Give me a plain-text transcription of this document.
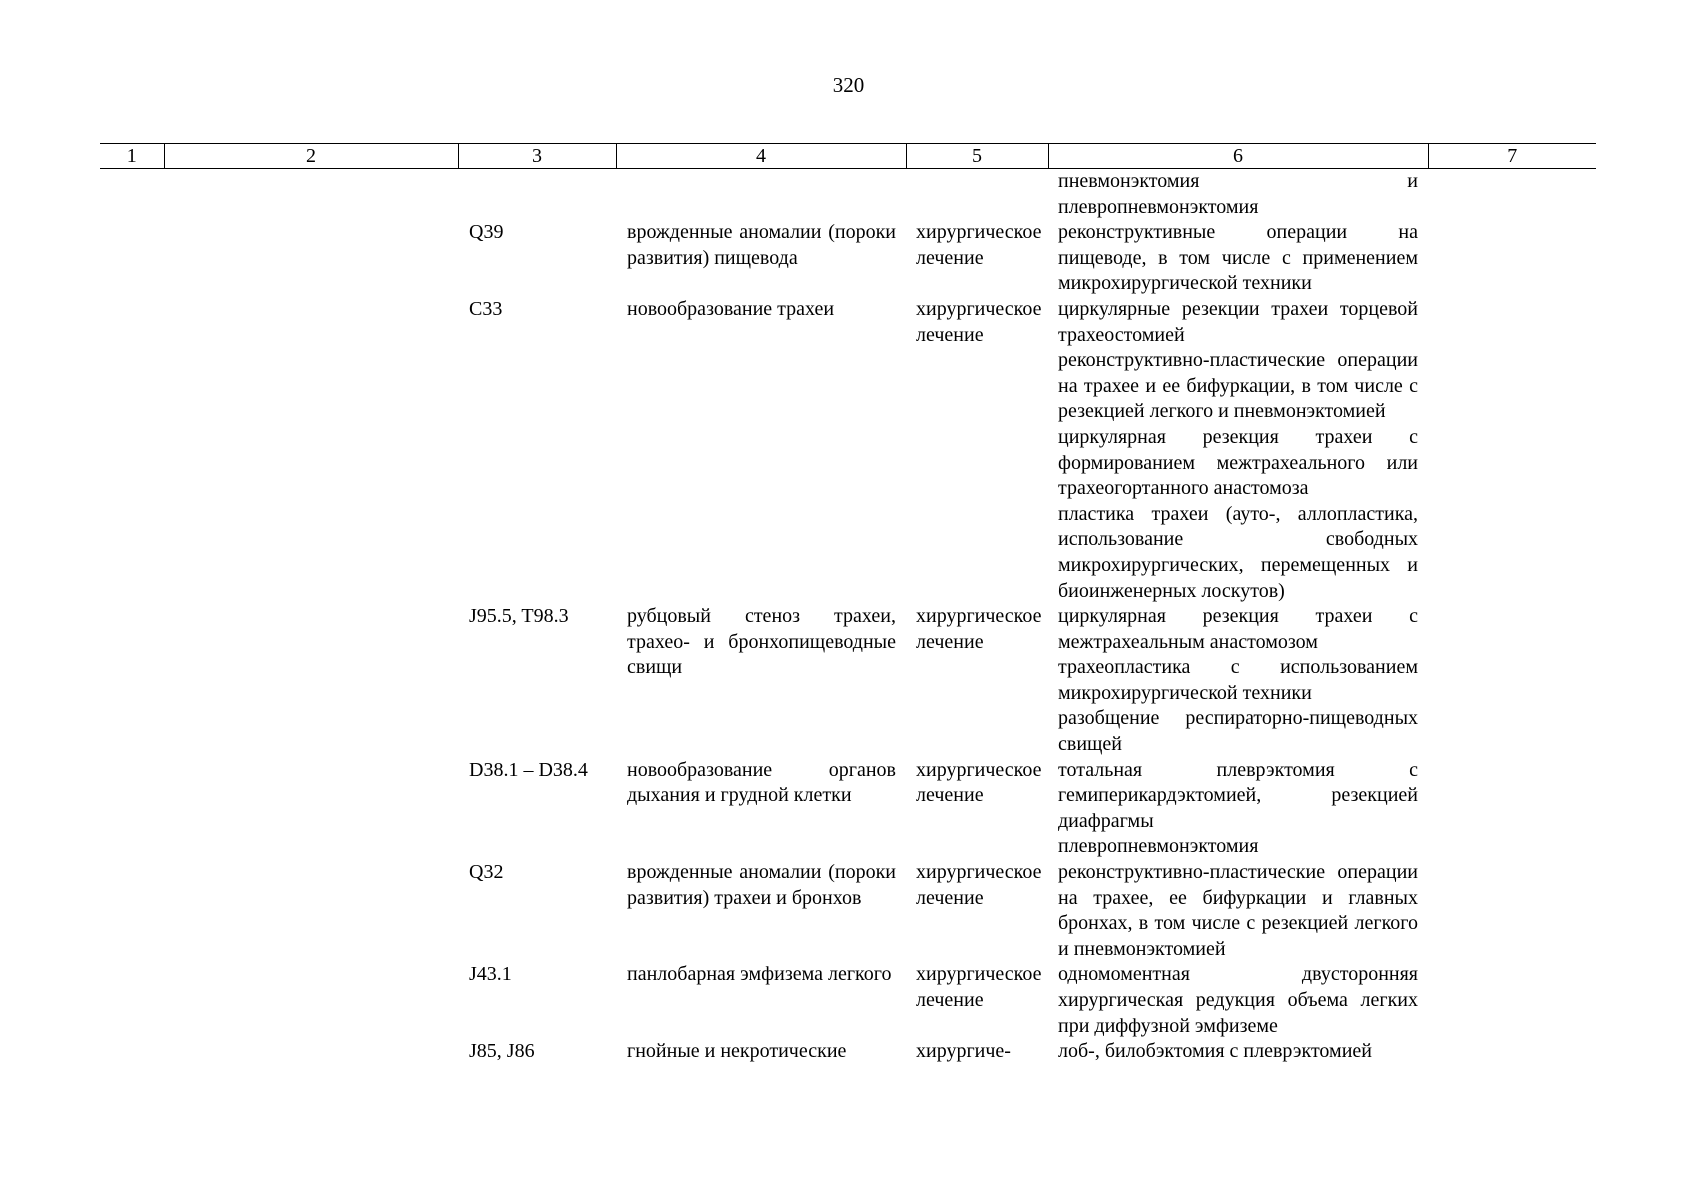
320
1	2	3	4	5	6	7

					пневмонэктомия и плевропневмонэктомия	

		Q39	врожденные аномалии (пороки развития) пищевода	хирургическое лечение	реконструктивные операции на пищеводе, в том числе с применением микрохирургической техники	

		C33	новообразование трахеи	хирургическое лечение	циркулярные резекции трахеи торцевой трахеостомией
реконструктивно-пластические операции на трахее и ее бифуркации, в том числе с резекцией легкого и пневмонэктомией
циркулярная резекция трахеи с формированием межтрахеального или трахеогортанного анастомоза
пластика трахеи (ауто-, аллопластика, использование свободных микрохирургических, перемещенных и биоинженерных лоскутов)	

		J95.5, T98.3	рубцовый стеноз трахеи, трахео- и бронхопищеводные свищи	хирургическое лечение	циркулярная резекция трахеи с межтрахеальным анастомозом
трахеопластика с использованием микрохирургической техники
разобщение респираторно-пищеводных свищей	

		D38.1 – D38.4	новообразование органов дыхания и грудной клетки	хирургическое лечение	тотальная плеврэктомия с гемиперикардэктомией, резекцией диафрагмы
плевропневмонэктомия	

		Q32	врожденные аномалии (пороки развития) трахеи и бронхов	хирургическое лечение	реконструктивно-пластические операции на трахее, ее бифуркации и главных бронхах, в том числе с резекцией легкого и пневмонэктомией	

		J43.1	панлобарная эмфизема легкого	хирургическое лечение	одномоментная двусторонняя хирургическая редукция объема легких при диффузной эмфиземе	

		J85, J86	гнойные и некротические	хирургиче-	лоб-, билобэктомия с плеврэктомией	
